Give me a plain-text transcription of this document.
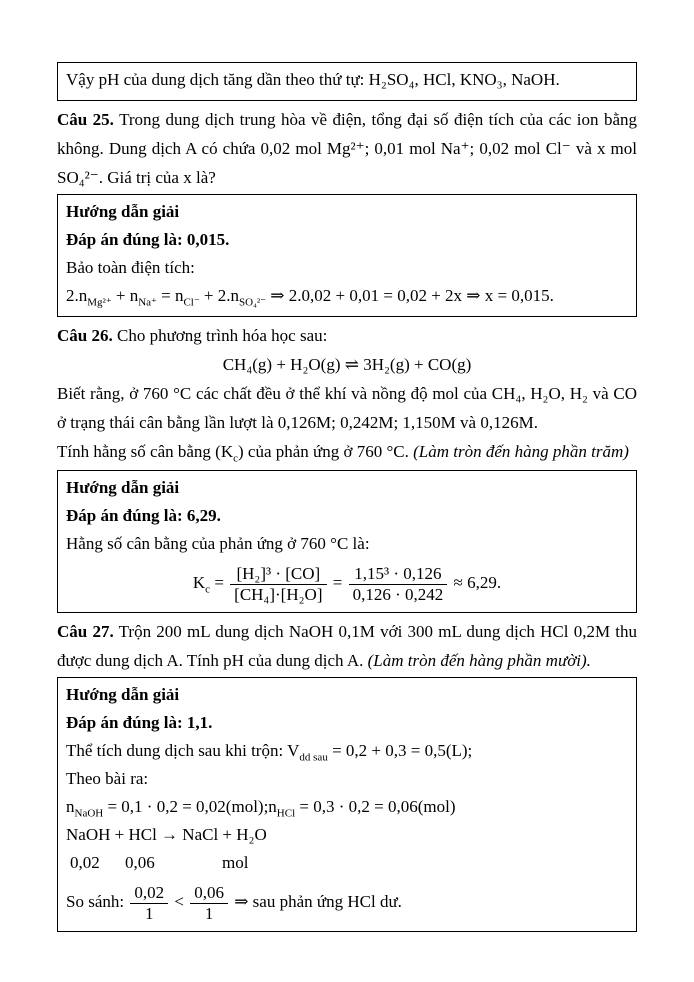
Vậy pH của dung dịch tăng dần theo thứ tự: H₂SO₄, HCl, KNO₃, NaOH.

Câu 25. Trong dung dịch trung hòa về điện, tổng đại số điện tích của các ion bằng không. Dung dịch A có chứa 0,02 mol Mg²⁺; 0,01 mol Na⁺; 0,02 mol Cl⁻ và x mol SO₄²⁻. Giá trị của x là?

Hướng dẫn giải

Đáp án đúng là: 0,015.

Bảo toàn điện tích:

$2.n_{Mg^{2+}} + n_{Na^+} = n_{Cl^-} + 2.n_{SO_4^{2-}}$ ⇒ 2.0,02 + 0,01 = 0,02 + 2x ⇒ x = 0,015.

Câu 26. Cho phương trình hóa học sau:

CH₄(g) + H₂O(g) ⇌ 3H₂(g) + CO(g)

Biết rằng, ở 760 °C các chất đều ở thể khí và nồng độ mol của CH₄, H₂O, H₂ và CO ở trạng thái cân bằng lần lượt là 0,126M; 0,242M; 1,150M và 0,126M.

Tính hằng số cân bằng $(K_c)$ của phản ứng ở 760 °C. (Làm tròn đến hàng phần trăm)

Hướng dẫn giải

Đáp án đúng là: 6,29.

Hằng số cân bằng của phản ứng ở 760 °C là:

$K_c = \frac{\text{[H₂]³ · [CO]}}{\text{[CH₄]·[H₂O]}} = \frac{\text{1,15³ · 0,126}}{0,126 \cdot 0,242} \approx 6,29$.

Câu 27. Trộn 200 mL dung dịch NaOH 0,1M với 300 mL dung dịch HCl 0,2M thu được dung dịch A. Tính pH của dung dịch A. (Làm tròn đến hàng phần mười).

Hướng dẫn giải

Đáp án đúng là: 1,1.

Thể tích dung dịch sau khi trộn: $V_{dd sau} = 0,2 + 0,3 = 0,5(L)$;

Theo bài ra:

$n_{NaOH} = 0,1 \cdot 0,2$ = $0,02(mol);n_{HCl} = 0,3 \cdot 0,2 = 0,06(mol)$

NaOH + HCl → NaCl + H₂O

0,02 0,06	mol

So sánh: $\frac{0,02}{1} < \frac{0,06}{1}$ ⇒ sau phản ứng HCl dư.
